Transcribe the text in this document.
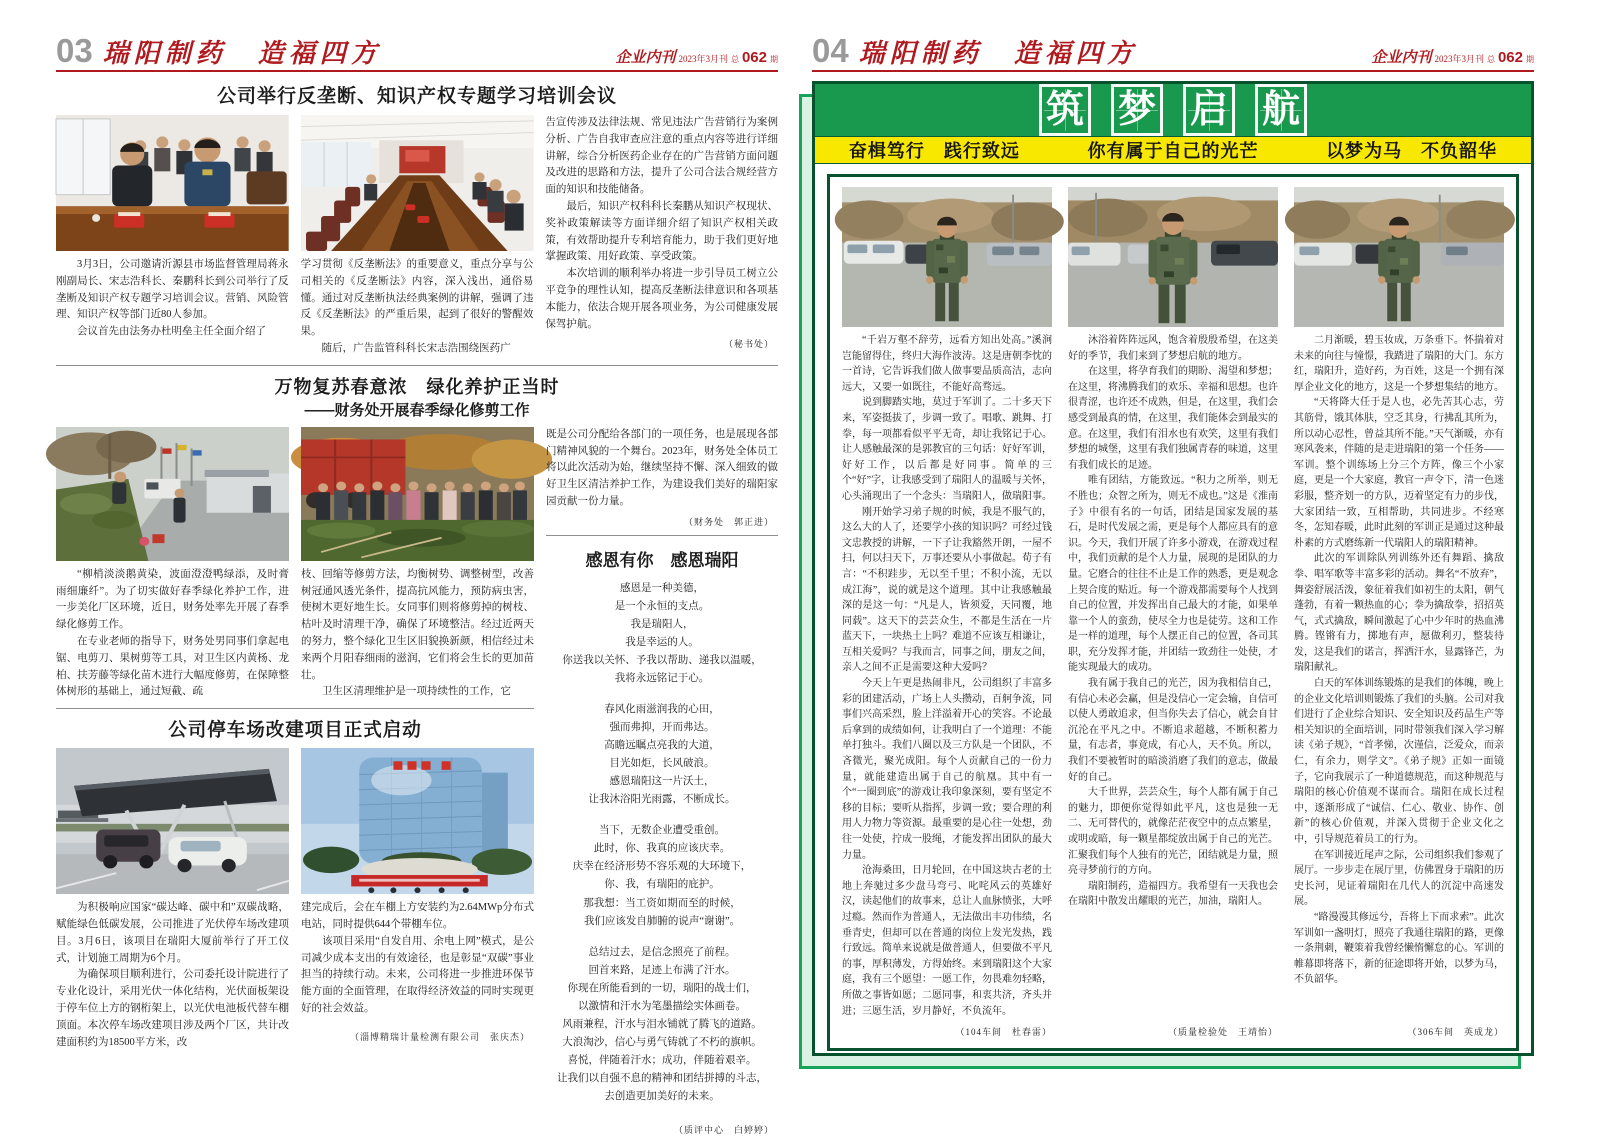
03 瑞阳制药　造福四方	企业内刊 2023年3月刊 总 062 期
公司举行反垄断、知识产权专题学习培训会议

3月3日，公司邀请沂源县市场监督管理局蒋永刚副局长、宋志浩科长、秦鹏科长到公司举行了反垄断及知识产权专题学习培训会议。营销、风险管理、知识产权等部门近80人参加。

会议首先由法务办杜明垒主任全面介绍了

学习贯彻《反垄断法》的重要意义，重点分享与公司相关的《反垄断法》内容，深入浅出，通俗易懂。通过对反垄断执法经典案例的讲解，强调了违反《反垄断法》的严重后果，起到了很好的警醒效果。

随后，广告监管科科长宋志浩围绕医药广

告宣传涉及法律法规、常见违法广告营销行为案例分析、广告自我审查应注意的重点内容等进行详细讲解，综合分析医药企业存在的广告营销方面问题及改进的思路和方法，提升了公司合法合规经营方面的知识和技能储备。

最后，知识产权科科长秦鹏从知识产权现状、奖补政策解读等方面详细介绍了知识产权相关政策，有效帮助提升专利培育能力，助于我们更好地掌握政策、用好政策、享受政策。

本次培训的顺利举办将进一步引导员工树立公平竞争的理性认知，提高反垄断法律意识和各项基本能力，依法合规开展各项业务，为公司健康发展保驾护航。

（秘书处）

万物复苏春意浓　绿化养护正当时
——财务处开展春季绿化修剪工作

“柳梢淡淡鹅黄染，波面澄澄鸭绿添，及时膏雨细廉纤”。为了切实做好春季绿化养护工作，进一步美化厂区环境，近日，财务处率先开展了春季绿化修剪工作。

在专业老师的指导下，财务处男同事们拿起电锯、电剪刀、果树剪等工具，对卫生区内黄杨、龙柏、扶芳藤等绿化苗木进行大幅度修剪，在保障整体树形的基础上，通过短截、疏

枝、回缩等修剪方法，均衡树势、调整树型，改善树冠通风透光条件，提高抗风能力，预防病虫害，使树木更好地生长。女同事们则将修剪掉的树枝、枯叶及时清理干净，确保了环境整洁。经过近两天的努力，整个绿化卫生区旧貌换新颜，相信经过未来两个月阳春细雨的滋润，它们将会生长的更加苗壮。

卫生区清理维护是一项持续性的工作，它

公司停车场改建项目正式启动

为积极响应国家“碳达峰、碳中和”双碳战略，赋能绿色低碳发展，公司推进了光伏停车场改建项目。3月6日，该项目在瑞阳大厦前举行了开工仪式，计划施工周期为6个月。

为确保项目顺利进行，公司委托设计院进行了专业化设计，采用光伏一体化结构，光伏面板架设于停车位上方的钢桁架上，以光伏电池板代替车棚顶面。本次停车场改建项目涉及两个厂区，共计改建面积约为18500平方米，改

建完成后，会在车棚上方安装约为2.64MWp分布式电站，同时提供644个带棚车位。

该项目采用“自发自用、余电上网”模式，是公司减少成本支出的有效途径，也是彰显“双碳”事业担当的持续行动。未来，公司将进一步推进环保节能方面的全面管理，在取得经济效益的同时实现更好的社会效益。

（淄博精瑞计量检测有限公司　张庆杰）

既是公司分配给各部门的一项任务，也是展现各部门精神风貌的一个舞台。2023年，财务处全体员工将以此次活动为始，继续坚持不懈、深入细致的做好卫生区清洁养护工作，为建设我们美好的瑞阳家园贡献一份力量。

（财务处　郭正进）

感恩有你　感恩瑞阳

感恩是一种美德，

是一个永恒的支点。

我是瑞阳人，

我是幸运的人。

你送我以关怀、予我以帮助、递我以温暖，

我将永远铭记于心。

春风化雨滋润我的心田，

强而弗抑，开而弗达。

高瞻远瞩点亮我的大道，

目光如炬，长风破浪。

感恩瑞阳这一片沃土，

让我沐浴阳光雨露，不断成长。

当下，无数企业遭受重创。

此时，你、我真的应该庆幸。

庆幸在经济形势不容乐观的大环境下，

你、我，有瑞阳的庇护。

那我想：当工资如期而至的时候，

我们应该发自肺腑的说声“谢谢”。

总结过去，是信念照亮了前程。

回首来路，足迹上布满了汗水。

你现在所能看到的一切，瑞阳的战士们，

以激情和汗水为笔墨描绘实体画卷。

风雨兼程，汗水与泪水铺就了腾飞的道路。

大浪淘沙，信心与勇气铸就了不朽的旗帜。

喜悦，伴随着汗水；成功，伴随着艰辛。

让我们以自强不息的精神和团结拼搏的斗志，

去创造更加美好的未来。

（质评中心　白婷婷）

04 瑞阳制药　造福四方	企业内刊 2023年3月刊 总 062 期
筑 梦 启 航
奋楫笃行　践行致远	你有属于自己的光芒	以梦为马　不负韶华

“千岩万壑不辞劳，远看方知出处高。”溪涧岂能留得住，终归大海作波涛。这是唐朝李忱的一首诗，它告诉我们做人做事要品质高洁，志向远大，又要一如既往，不能好高骛远。

说到脚踏实地，莫过于军训了。二十多天下来，军姿挺拔了，步调一致了。唱歌、跳舞、打拳，每一项都看似平平无奇，却让我铭记于心。让人感触最深的是郭教官的三句话：好好军训，好好工作，以后都是好同事。简单的三个“好”字，让我感受到了瑞阳人的温暖与关怀，心头涌现出了一个念头：当瑞阳人，做瑞阳事。

刚开始学习弟子规的时候，我是不服气的，这么大的人了，还要学小孩的知识吗？可经过钱文忠教授的讲解，一下子让我豁然开朗，一屋不扫，何以扫天下，万事还要从小事做起。荀子有言：“不积跬步，无以至千里；不积小流，无以成江海”，说的就是这个道理。其中让我感触最深的是这一句：“凡是人，皆须爱，天同覆，地同载”。这天下的芸芸众生，不都是生活在一片蓝天下，一块热土上吗？难道不应该互相谦让，互相关爱吗？与我而言，同事之间，朋友之间，亲人之间不正是需要这种大爱吗？

今天上午更是热闹非凡，公司组织了丰富多彩的团建活动，广场上人头攒动，百舸争流，同事们兴高采烈，脸上洋溢着开心的笑容。不论最后拿到的成绩如何，让我明白了一个道理：不能单打独斗。我们八圈以及三方队是一个团队，不吝微光，聚光成阳。每个人贡献自己的一份力量，就能建造出属于自己的航凰。其中有一个“一圈到底”的游戏让我印象深刻，要有坚定不移的目标；要听从指挥，步调一致；要合理的利用人力物力等资源。最重要的是心往一处想，劲往一处使，拧成一股绳，才能发挥出团队的最大力量。

沧海桑田，日月轮回，在中国这块古老的土地上奔驰过多少盘马弯弓、叱咤风云的英雄好汉，读起他们的故事来，总让人血脉愤张，大呼过瘾。然而作为普通人，无法做出丰功伟绩，名垂青史，但却可以在普通的岗位上发光发热，践行致远。简单来说就是做普通人，但要做不平凡的事，厚积薄发，方得始终。来到瑞阳这个大家庭，我有三个愿望：一愿工作，勿畏难勿轻略，所做之事皆如愿；二愿同事，和衷共济，齐头并进；三愿生活，岁月静好，不负流年。

（104车间　杜春雷）

沐浴着阵阵远风，饱含着殷殷希望，在这美好的季节，我们来到了梦想启航的地方。

在这里，将孕育我们的期盼、渴望和梦想；在这里，将沸腾我们的欢乐、幸福和思想。也许很青涩，也许还不成熟，但是，在这里，我们会感受到最真的情，在这里，我们能体会到最实的意。在这里，我们有泪水也有欢笑，这里有我们梦想的城堡，这里有我们独属青春的味道，这里有我们成长的足迹。

唯有团结，方能致远。“积力之所举，则无不胜也；众智之所为，则无不成也。”这是《淮南子》中很有名的一句话，团结是国家发展的基石，是时代发展之需，更是每个人都应具有的意识。今天，我们开展了许多小游戏，在游戏过程中，我们贡献的是个人力量，展现的是团队的力量。它磨合的往往不止是工作的熟悉，更是观念上契合度的贴近。每一个游戏都需要每个人找到自己的位置，并发挥出自己最大的才能，如果单靠一个人的蛮劲，使尽全力也是徒劳。这和工作是一样的道理，每个人摆正自己的位置，各司其职，充分发挥才能，并团结一致劲往一处使，才能实现最大的成功。

我有属于我自己的光芒，因为我相信自己，有信心未必会赢，但是没信心一定会输，自信可以使人勇敢追求，但当你失去了信心，就会自甘沉沦在平凡之中。不断追求超越，不断积蓄力量，有志者，事竟成，有心人，天不负。所以，我们不要被暂时的暗淡消磨了我们的意志，做最好的自己。

大千世界，芸芸众生，每个人都有属于自己的魅力，即便你觉得如此平凡，这也是独一无二、无可替代的，就像茫茫夜空中的点点繁星，或明或暗，每一颗星都绽放出属于自己的光芒。汇聚我们每个人独有的光芒，团结就是力量，照亮寻梦前行的方向。

瑞阳制药，造福四方。我希望有一天我也会在瑞阳中散发出耀眼的光芒，加油，瑞阳人。

（质量检验处　王靖怡）

二月渐暖，碧玉妆成，万条垂下。怀揣着对未来的向往与憧憬，我踏进了瑞阳的大门。东方红，瑞阳升，造好药，为百姓，这是一个拥有深厚企业文化的地方，这是一个梦想集结的地方。

“天将降大任于是人也，必先苦其心志，劳其筋骨，饿其体肤，空乏其身，行拂乱其所为，所以动心忍性，曾益其所不能。”天气渐暖，亦有寒风袭来，伴随的是走进瑞阳的第一个任务——军训。整个训练场上分三个方阵，像三个小家庭，更是一个大家庭，教官一声令下，清一色迷彩服，整齐划一的方队，迈着坚定有力的步伐，大家团结一致，互相帮助，共同进步。不经寒冬，怎知春暖，此时此刻的军训正是通过这种最朴素的方式磨练新一代瑞阳人的瑞阳精神。

此次的军训除队列训练外还有舞蹈、擒敌拳、唱军歌等丰富多彩的活动。舞名“不放弃”，舞姿舒展活泼，象征着我们如初生的太阳，朝气蓬勃，有着一颗热血的心；拳为擒敌拳，招招英气，式式擒敌，瞬间激起了心中少年时的热血沸腾。铿锵有力，掷地有声，愿做利刃，整装待发，这是我们的诺言，挥洒汗水，显露锋芒，为瑞阳献礼。

白天的军体训练锻炼的是我们的体魄，晚上的企业文化培训则锻炼了我们的头脑。公司对我们进行了企业综合知识、安全知识及药品生产等相关知识的全面培训，同时带领我们深入学习解读《弟子规》，“首孝悌，次谨信，泛爱众，而亲仁，有余力，则学文”。《弟子规》正如一面镜子，它向我展示了一种道德规范，而这种规范与瑞阳的核心价值观不谋而合。瑞阳在成长过程中，逐渐形成了“诚信、仁心、敬业、协作、创新”的核心价值观，并深入贯彻于企业文化之中，引导规范着员工的行为。

在军训接近尾声之际，公司组织我们参观了展厅。一步步走在展厅里，仿佛置身于瑞阳的历史长河，见证着瑞阳在几代人的沉淀中高速发展。

“路漫漫其修远兮，吾将上下而求索”。此次军训如一盏明灯，照亮了我通往瑞阳的路，更像一条荆刺，鞭策着我曾经懒惰懈怠的心。军训的帷幕即将落下，新的征途即将开始，以梦为马，不负韶华。

（306车间　英成龙）
